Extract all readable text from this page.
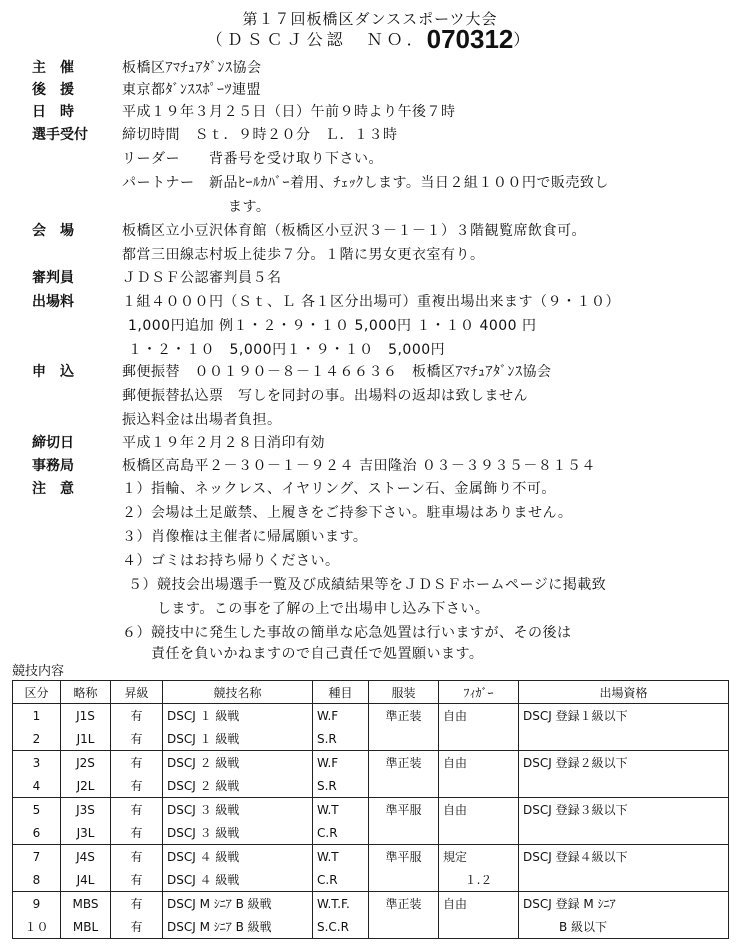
第１７回板橋区ダンススポーツ大会
（ＤＳＣＪ公認　ＮＯ．070312）
主　催	板橋区ｱﾏﾁｭｱﾀﾞﾝｽ協会
後　援	東京都ﾀﾞﾝｽｽﾎﾟｰﾂ連盟
日　時	平成１９年３月２５日（日）午前９時より午後７時
選手受付	締切時間　Ｓｔ．９時２０分　Ｌ．１３時
リーダー　　背番号を受け取り下さい。
パートナー　新品ﾋｰﾙｶﾊﾞｰ着用、ﾁｪｯｸします。当日２組１００円で販売致し
ます。
会　場	板橋区立小豆沢体育館（板橋区小豆沢３－１－１）３階観覧席飲食可。
都営三田線志村坂上徒歩７分。１階に男女更衣室有り。
審判員	ＪＤＳＦ公認審判員５名
出場料	１組４０００円（Ｓｔ、Ｌ 各１区分出場可）重複出場出来ます（９・１０）
1,000円追加 例１・２・９・１０ 5,000円 １・１０ 4000 円
１・２・１０　5,000円１・９・１０　5,000円
申　込	郵便振替　００１９０－８－１４６６３６　板橋区ｱﾏﾁｭｱﾀﾞﾝｽ協会
郵便振替払込票　写しを同封の事。出場料の返却は致しません
振込料金は出場者負担。
締切日	平成１９年２月２８日消印有効
事務局	板橋区高島平２－３０－１－９２４ 吉田隆治 ０３－３９３５－８１５４
注　意	１）指輪、ネックレス、イヤリング、ストーン石、金属飾り不可。
２）会場は土足厳禁、上履きをご持参下さい。駐車場はありません。
３）肖像権は主催者に帰属願います。
４）ゴミはお持ち帰りください。
５）競技会出場選手一覧及び成績結果等をＪＤＳＦホームページに掲載致
　　します。この事を了解の上で出場申し込み下さい。
６）競技中に発生した事故の簡単な応急処置は行いますが、その後は
　　責任を負いかねますので自己責任で処置願います。
競技内容
区分	略称	昇級	競技名称	種目	服装	ﾌｨｶﾞｰ	出場資格
1	J1S	有	DSCJ １ 級戦	W.F	準正装	自由	DSCJ 登録１級以下
2	J1L	有	DSCJ １ 級戦	S.R			
3	J2S	有	DSCJ ２ 級戦	W.F	準正装	自由	DSCJ 登録２級以下
4	J2L	有	DSCJ ２ 級戦	S.R			
5	J3S	有	DSCJ ３ 級戦	W.T	準平服	自由	DSCJ 登録３級以下
6	J3L	有	DSCJ ３ 級戦	C.R			
7	J4S	有	DSCJ ４ 級戦	W.T	準平服	規定	DSCJ 登録４級以下
8	J4L	有	DSCJ ４ 級戦	C.R		１.２	
9	MBS	有	DSCJ M ｼﾆｱ B 級戦	W.T.F.	準正装	自由	DSCJ 登録 M ｼﾆｱ
１０	MBL	有	DSCJ M ｼﾆｱ B 級戦	S.C.R			B 級以下
